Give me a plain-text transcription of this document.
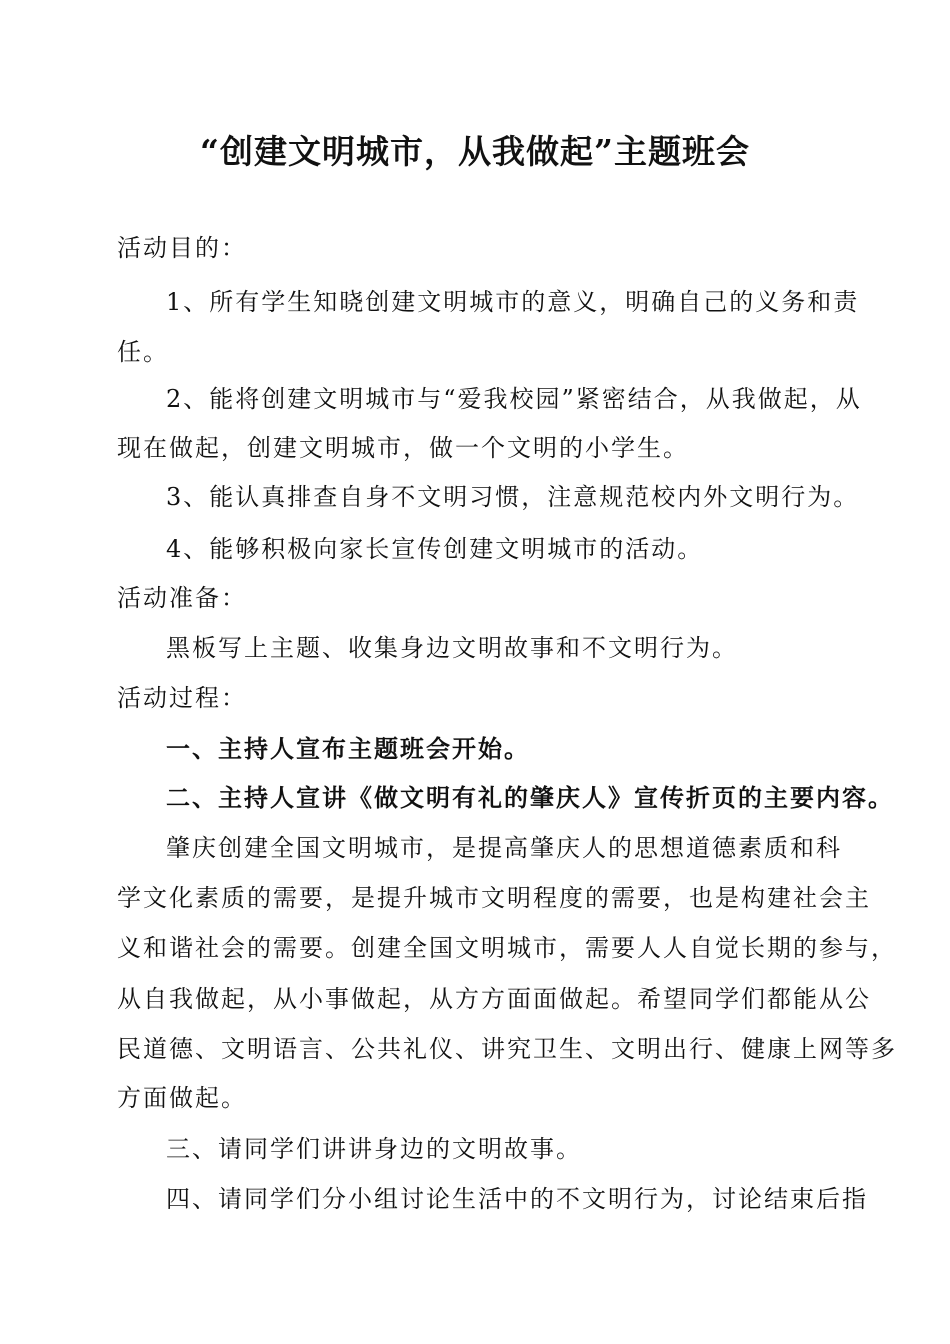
“创建文明城市，从我做起”主题班会
活动目的：
1、所有学生知晓创建文明城市的意义，明确自己的义务和责
任。
2、能将创建文明城市与“爱我校园”紧密结合，从我做起，从
现在做起，创建文明城市，做一个文明的小学生。
3、能认真排查自身不文明习惯，注意规范校内外文明行为。
4、能够积极向家长宣传创建文明城市的活动。
活动准备：
黑板写上主题、收集身边文明故事和不文明行为。
活动过程：
一、主持人宣布主题班会开始。
二、主持人宣讲《做文明有礼的肇庆人》宣传折页的主要内容。
肇庆创建全国文明城市，是提高肇庆人的思想道德素质和科
学文化素质的需要，是提升城市文明程度的需要，也是构建社会主
义和谐社会的需要。创建全国文明城市，需要人人自觉长期的参与，
从自我做起，从小事做起，从方方面面做起。希望同学们都能从公
民道德、文明语言、公共礼仪、讲究卫生、文明出行、健康上网等多
方面做起。
三、请同学们讲讲身边的文明故事。
四、请同学们分小组讨论生活中的不文明行为，讨论结束后指
